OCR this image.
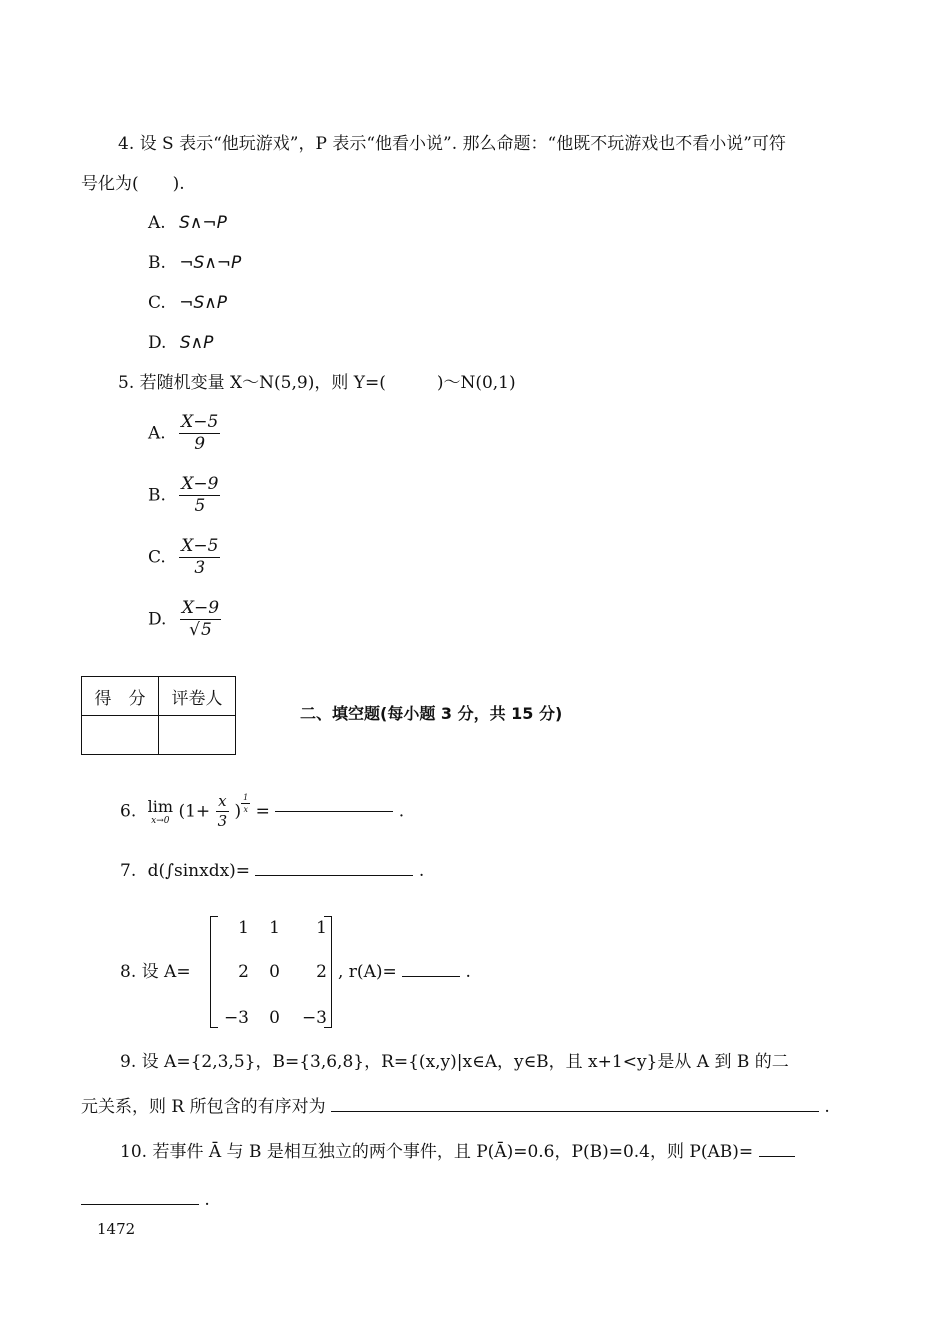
4. 设 S 表示“他玩游戏”，P 表示“他看小说”. 那么命题：“他既不玩游戏也不看小说”可符
号化为(　　).
A. S∧¬P
B. ¬S∧¬P
C. ¬S∧P
D. S∧P
5. 若随机变量 X～N(5,9)，则 Y=(　　　)～N(0,1)
A. $\frac{X-5}{9}$
B. $\frac{X-9}{5}$
C. $\frac{X-5}{3}$
D. $\frac{X-9}{√5}$
得　分	评卷人

二、填空题(每小题 3 分，共 15 分)
6. lim
x→0 ($1+ \frac{x}{3}$ ) $\frac{1}{x}$ =	.
7. d(∫sinxdx)=	.
8. 设 A=
1	1	1
2	0	2
−3	0 −3
, r(A)=	.
9. 设 A={2,3,5}，B={3,6,8}，R={(x,y)|x∈A，y∈B，且 x+1<y}是从 A 到 B 的二
元关系，则 R 所包含的有序对为	.
10. 若事件 Ā 与 B 是相互独立的两个事件，且 P(Ā)=0.6，P(B)=0.4，则 P(AB)=
.
1472
